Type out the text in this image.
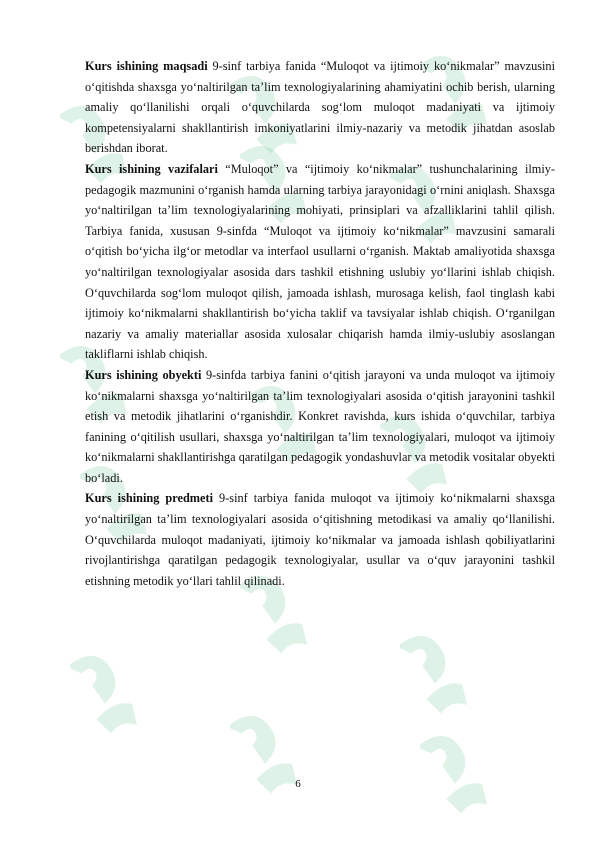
Kurs ishining maqsadi 9-sinf tarbiya fanida “Muloqot va ijtimoiy ko‘nikmalar” mavzusini o‘qitishda shaxsga yo‘naltirilgan ta’lim texnologiyalarining ahamiyatini ochib berish, ularning amaliy qo‘llanilishi orqali o‘quvchilarda sog‘lom muloqot madaniyati va ijtimoiy kompetensiyalarni shakllantirish imkoniyatlarini ilmiy-nazariy va metodik jihatdan asoslab berishdan iborat.

Kurs ishining vazifalari “Muloqot” va “ijtimoiy ko‘nikmalar” tushunchalarining ilmiy-pedagogik mazmunini o‘rganish hamda ularning tarbiya jarayonidagi o‘rnini aniqlash. Shaxsga yo‘naltirilgan ta’lim texnologiyalarining mohiyati, prinsiplari va afzalliklarini tahlil qilish. Tarbiya fanida, xususan 9-sinfda “Muloqot va ijtimoiy ko‘nikmalar” mavzusini samarali o‘qitish bo‘yicha ilg‘or metodlar va interfaol usullarni o‘rganish. Maktab amaliyotida shaxsga yo‘naltirilgan texnologiyalar asosida dars tashkil etishning uslubiy yo‘llarini ishlab chiqish. O‘quvchilarda sog‘lom muloqot qilish, jamoada ishlash, murosaga kelish, faol tinglash kabi ijtimoiy ko‘nikmalarni shakllantirish bo‘yicha taklif va tavsiyalar ishlab chiqish. O‘rganilgan nazariy va amaliy materiallar asosida xulosalar chiqarish hamda ilmiy-uslubiy asoslangan takliflarni ishlab chiqish.

Kurs ishining obyekti 9-sinfda tarbiya fanini o‘qitish jarayoni va unda muloqot va ijtimoiy ko‘nikmalarni shaxsga yo‘naltirilgan ta’lim texnologiyalari asosida o‘qitish jarayonini tashkil etish va metodik jihatlarini o‘rganishdir. Konkret ravishda, kurs ishida o‘quvchilar, tarbiya fanining o‘qitilish usullari, shaxsga yo‘naltirilgan ta’lim texnologiyalari, muloqot va ijtimoiy ko‘nikmalarni shakllantirishga qaratilgan pedagogik yondashuvlar va metodik vositalar obyekti bo‘ladi.

Kurs ishining predmeti 9-sinf tarbiya fanida muloqot va ijtimoiy ko‘nikmalarni shaxsga yo‘naltirilgan ta’lim texnologiyalari asosida o‘qitishning metodikasi va amaliy qo‘llanilishi. O‘quvchilarda muloqot madaniyati, ijtimoiy ko‘nikmalar va jamoada ishlash qobiliyatlarini rivojlantirishga qaratilgan pedagogik texnologiyalar, usullar va o‘quv jarayonini tashkil etishning metodik yo‘llari tahlil qilinadi.

6
